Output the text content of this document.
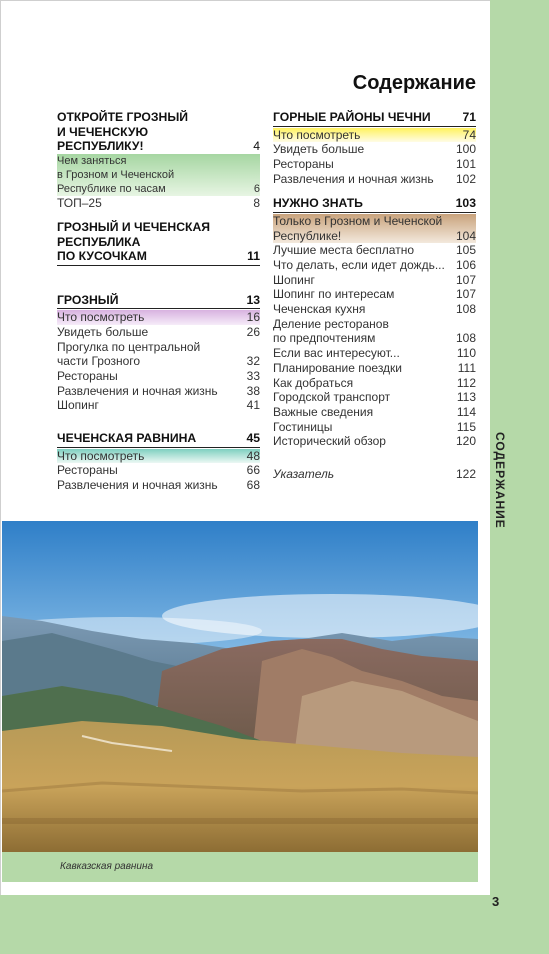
СОДЕРЖАНИЕ
3
Содержание
ОТКРОЙТЕ ГРОЗНЫЙ
И ЧЕЧЕНСКУЮ
РЕСПУБЛИКУ!	4
Чем заняться
в Грозном и Чеченской
Республике по часам	6
ТОП–25	8
ГРОЗНЫЙ И ЧЕЧЕНСКАЯ
РЕСПУБЛИКА
ПО КУСОЧКАМ	11
ГРОЗНЫЙ	13
Что посмотреть	16
Увидеть больше	26
Прогулка по центральной
части Грозного	32
Рестораны	33
Развлечения и ночная жизнь	38
Шопинг	41
ЧЕЧЕНСКАЯ РАВНИНА	45
Что посмотреть	48
Рестораны	66
Развлечения и ночная жизнь	68
ГОРНЫЕ РАЙОНЫ ЧЕЧНИ	71
Что посмотреть	74
Увидеть больше	100
Рестораны	101
Развлечения и ночная жизнь	102
НУЖНО ЗНАТЬ	103
Только в Грозном и Чеченской
Республике!	104
Лучшие места бесплатно	105
Что делать, если идет дождь... 106
Шопинг	107
Шопинг по интересам	107
Чеченская кухня	108
Деление ресторанов
по предпочтениям	108
Если вас интересуют...	110
Планирование поездки	111
Как добраться	112
Городской транспорт	113
Важные сведения	114
Гостиницы	115
Исторический обзор	120
Указатель	122
Кавказская равнина
